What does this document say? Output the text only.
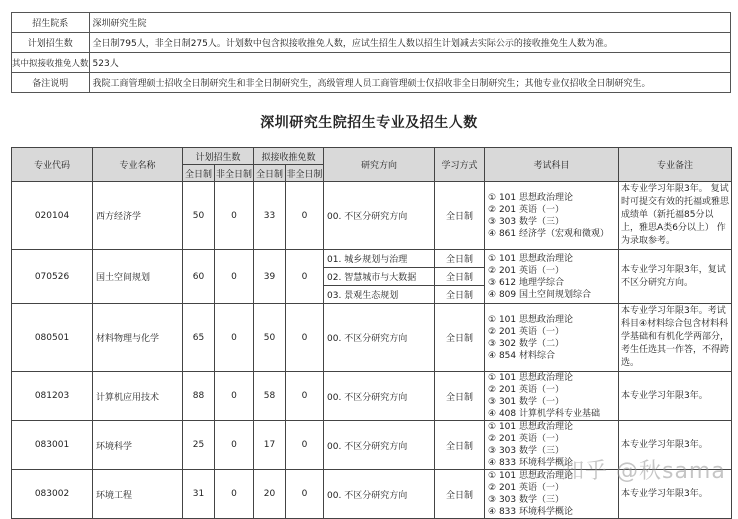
招生院系	深圳研究生院
计划招生数	全日制795人，非全日制275人。计划数中包含拟接收推免人数，应试生招生人数以招生计划减去实际公示的接收推免生人数为准。
其中拟接收推免人数	523人
备注说明	我院工商管理硕士招收全日制研究生和非全日制研究生，高级管理人员工商管理硕士仅招收非全日制研究生；其他专业仅招收全日制研究生。
深圳研究生院招生专业及招生人数
专业代码	专业名称	计划招生数		拟接收推免数		研究方向	学习方式	考试科目	专业备注
		全日制	非全日制	全日制	非全日制				
020104	西方经济学	50	0	33	0	00. 不区分研究方向	全日制	① 101 思想政治理论
② 201 英语（一）
③ 303 数学（三）
④ 861 经济学（宏观和微观）	本专业学习年限3年。 复试时可提交有效的托福或雅思成绩单（新托福85分以上，雅思A类6分以上） 作为录取参考。
070526	国土空间规划	60	0	39	0	01. 城乡规划与治理	全日制	① 101 思想政治理论
② 201 英语（一）
③ 612 地理学综合
④ 809 国土空间规划综合	本专业学习年限3年，复试不区分研究方向。
						02. 智慧城市与大数据	全日制		
						03. 景观生态规划	全日制		
080501	材料物理与化学	65	0	50	0	00. 不区分研究方向	全日制	① 101 思想政治理论
② 201 英语（一）
③ 302 数学（二）
④ 854 材料综合	本专业学习年限3年。考试科目④材料综合包含材料科学基础和有机化学两部分，考生任选其一作答，不得跨选。
081203	计算机应用技术	88	0	58	0	00. 不区分研究方向	全日制	① 101 思想政治理论
② 201 英语（一）
③ 301 数学（一）
④ 408 计算机学科专业基础	本专业学习年限3年。
083001	环境科学	25	0	17	0	00. 不区分研究方向	全日制	① 101 思想政治理论
② 201 英语（一）
③ 303 数学（三）
④ 833 环境科学概论	本专业学习年限3年。
083002	环境工程	31	0	20	0	00. 不区分研究方向	全日制	① 101 思想政治理论
② 201 英语（一）
③ 303 数学（三）
④ 833 环境科学概论	本专业学习年限3年。
知乎 @秋sama
